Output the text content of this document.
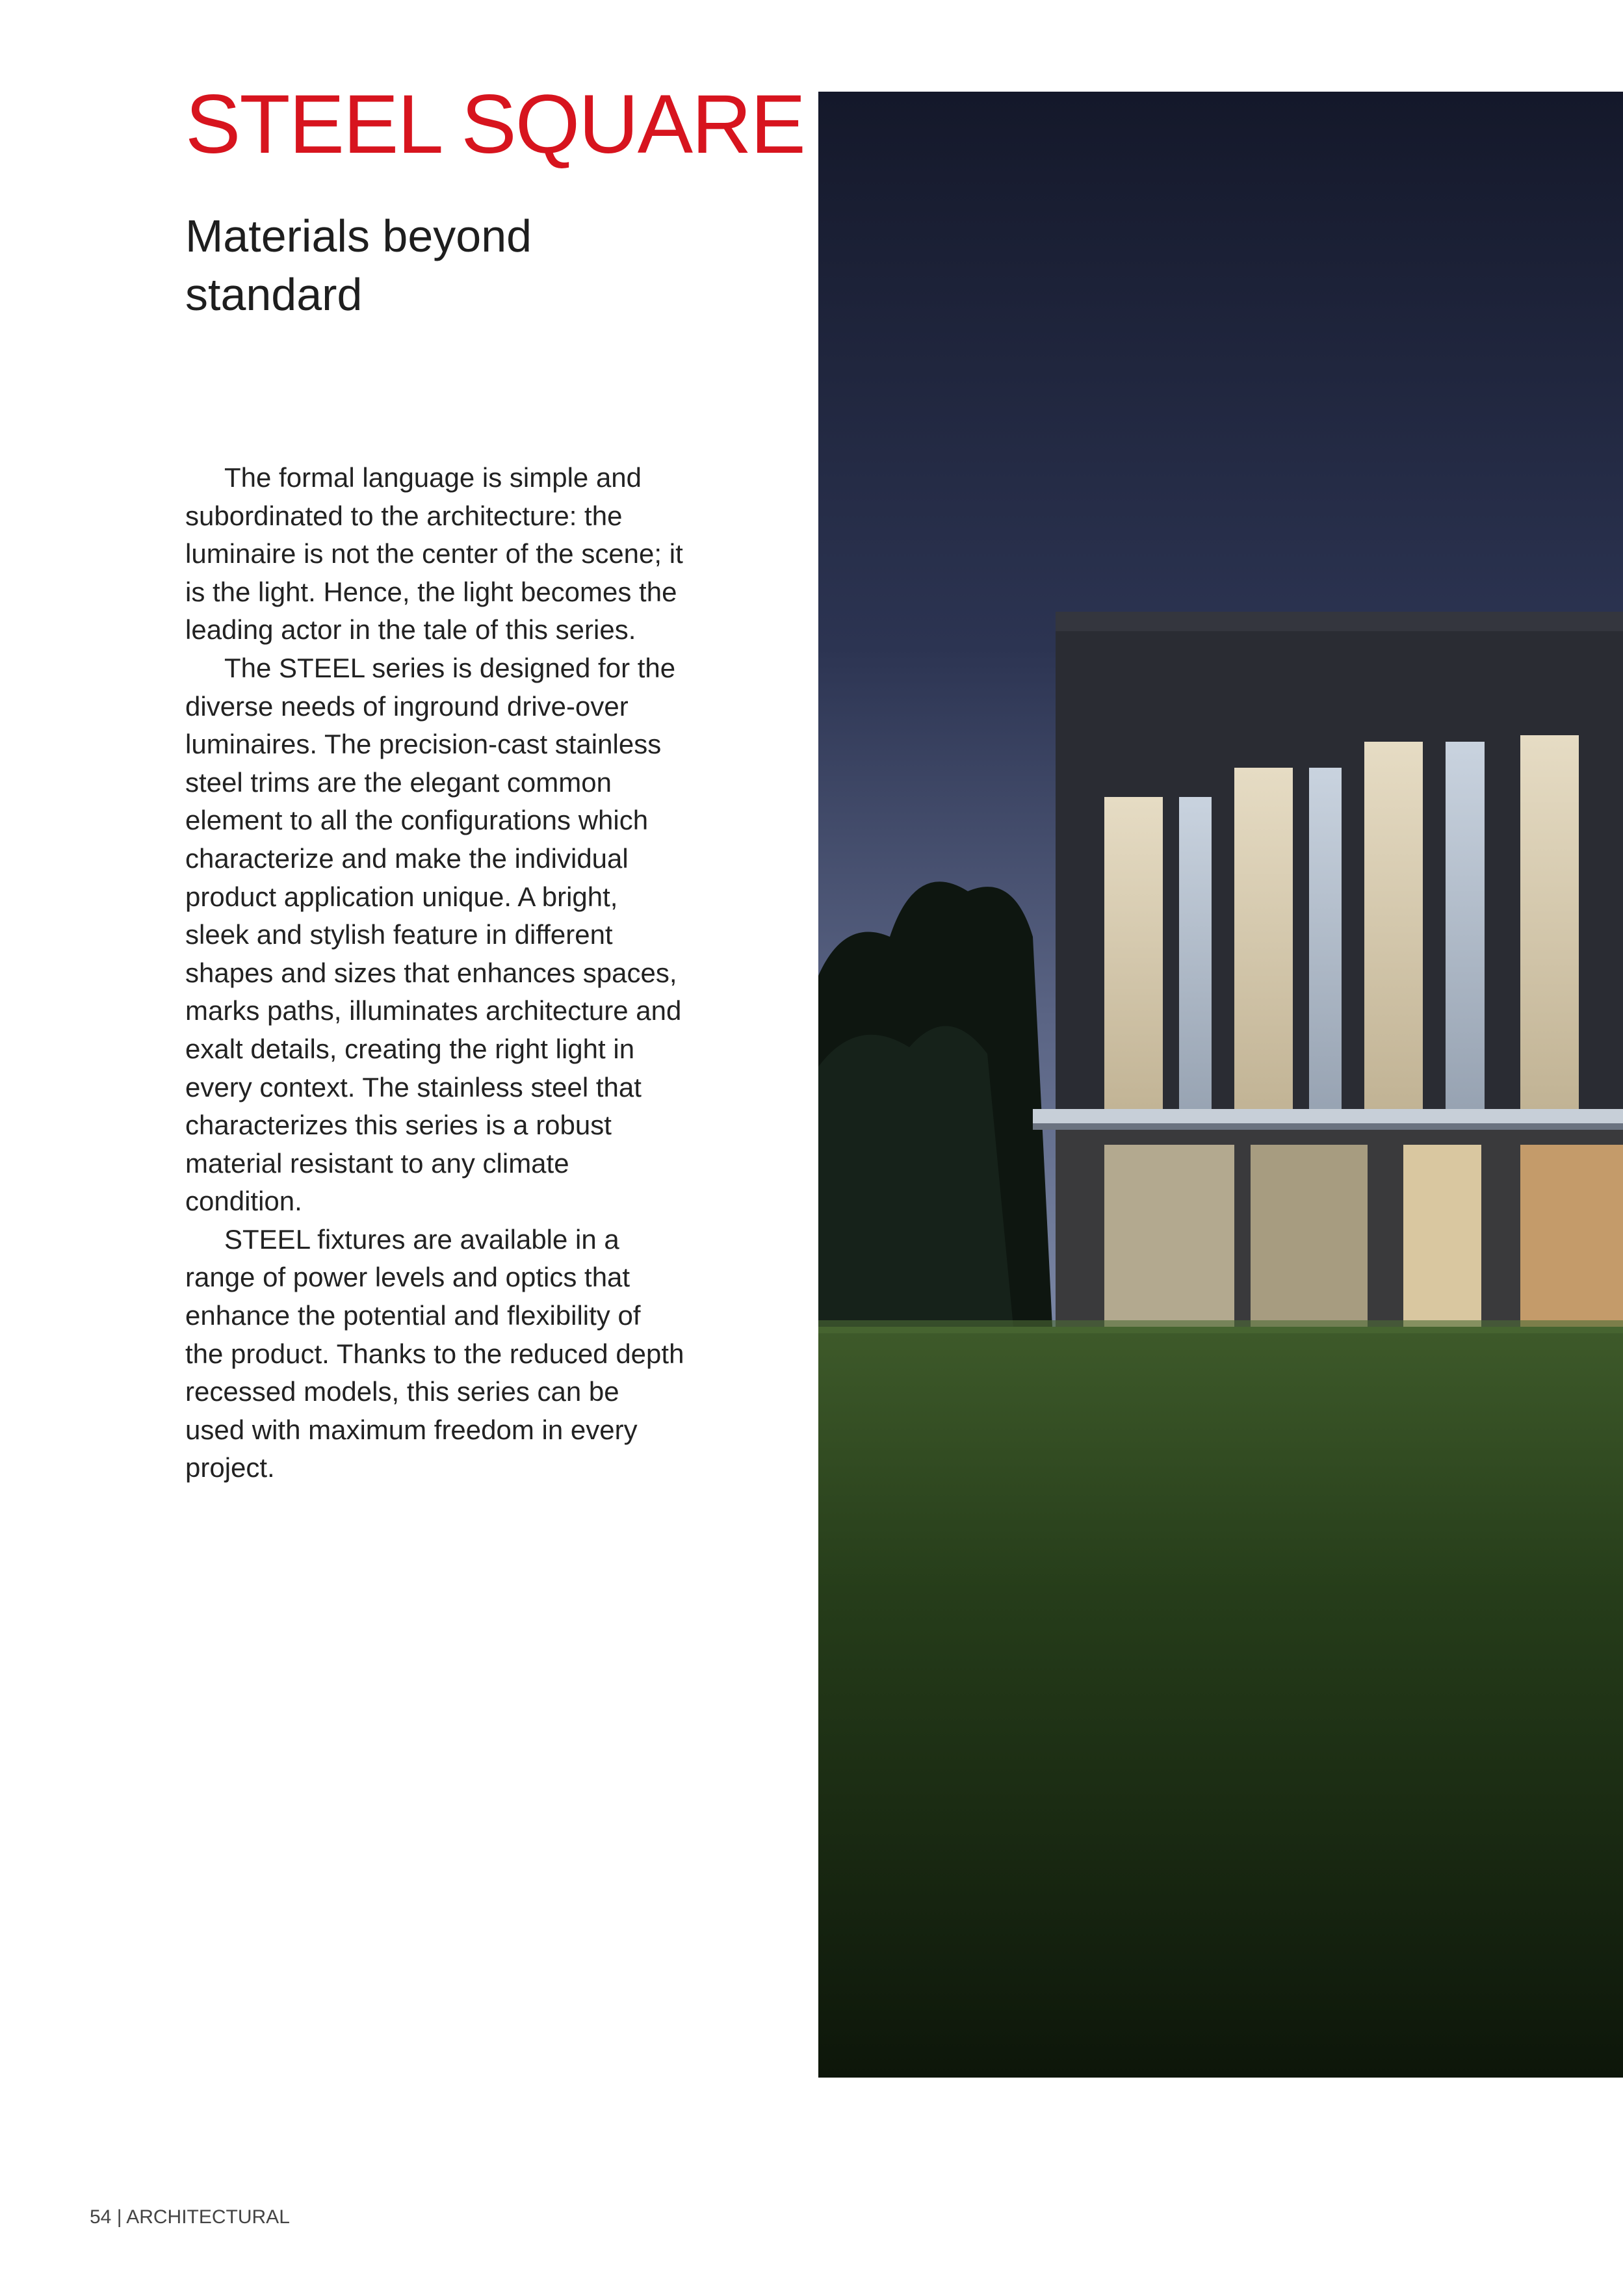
STEEL SQUARE
Materials beyond standard

The formal language is simple and subordinated to the architecture: the luminaire is not the center of the scene; it is the light. Hence, the light becomes the leading actor in the tale of this series.

The STEEL series is designed for the diverse needs of inground drive-over luminaires. The precision-cast stainless steel trims are the elegant common element to all the configurations which characterize and make the individual product application unique. A bright, sleek and stylish feature in different shapes and sizes that enhances spaces, marks paths, illuminates architecture and exalt details, creating the right light in every context. The stainless steel that characterizes this series is a robust material resistant to any climate condition.

STEEL fixtures are available in a range of power levels and optics that enhance the potential and flexibility of the product. Thanks to the reduced depth recessed models, this series can be used with maximum freedom in every project.

54 | ARCHITECTURAL
